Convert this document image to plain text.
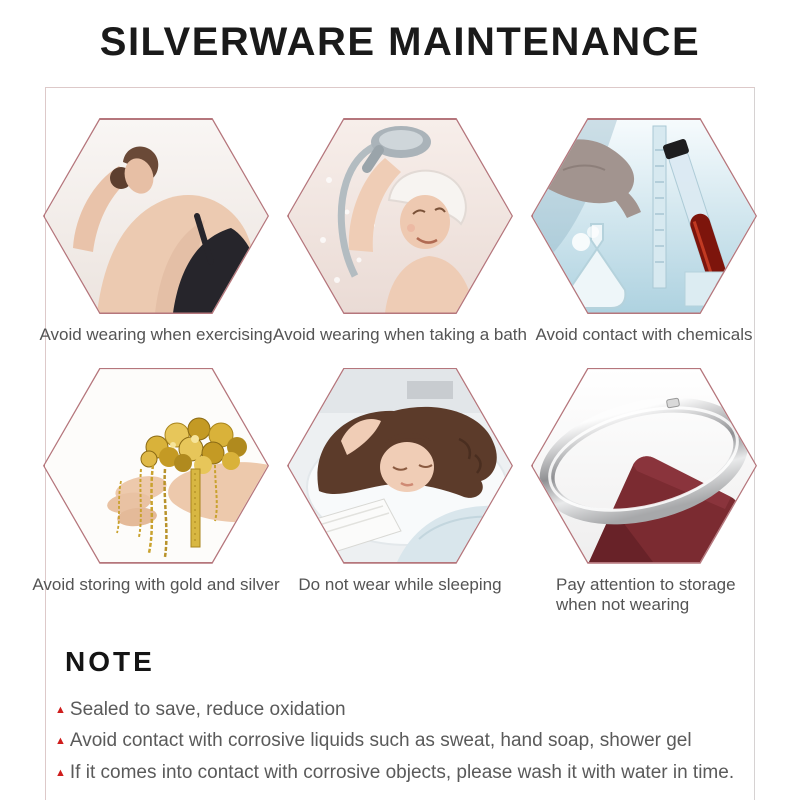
SILVERWARE MAINTENANCE
Avoid wearing when exercising Avoid wearing when taking a bath Avoid contact with chemicals
Avoid storing with gold and silver Do not wear while sleeping	Pay attention to storage when not wearing
NOTE
▲ Sealed to save, reduce oxidation
▲ Avoid contact with corrosive liquids such as sweat, hand soap, shower gel
▲ If it comes into contact with corrosive objects, please wash it with water in time.
